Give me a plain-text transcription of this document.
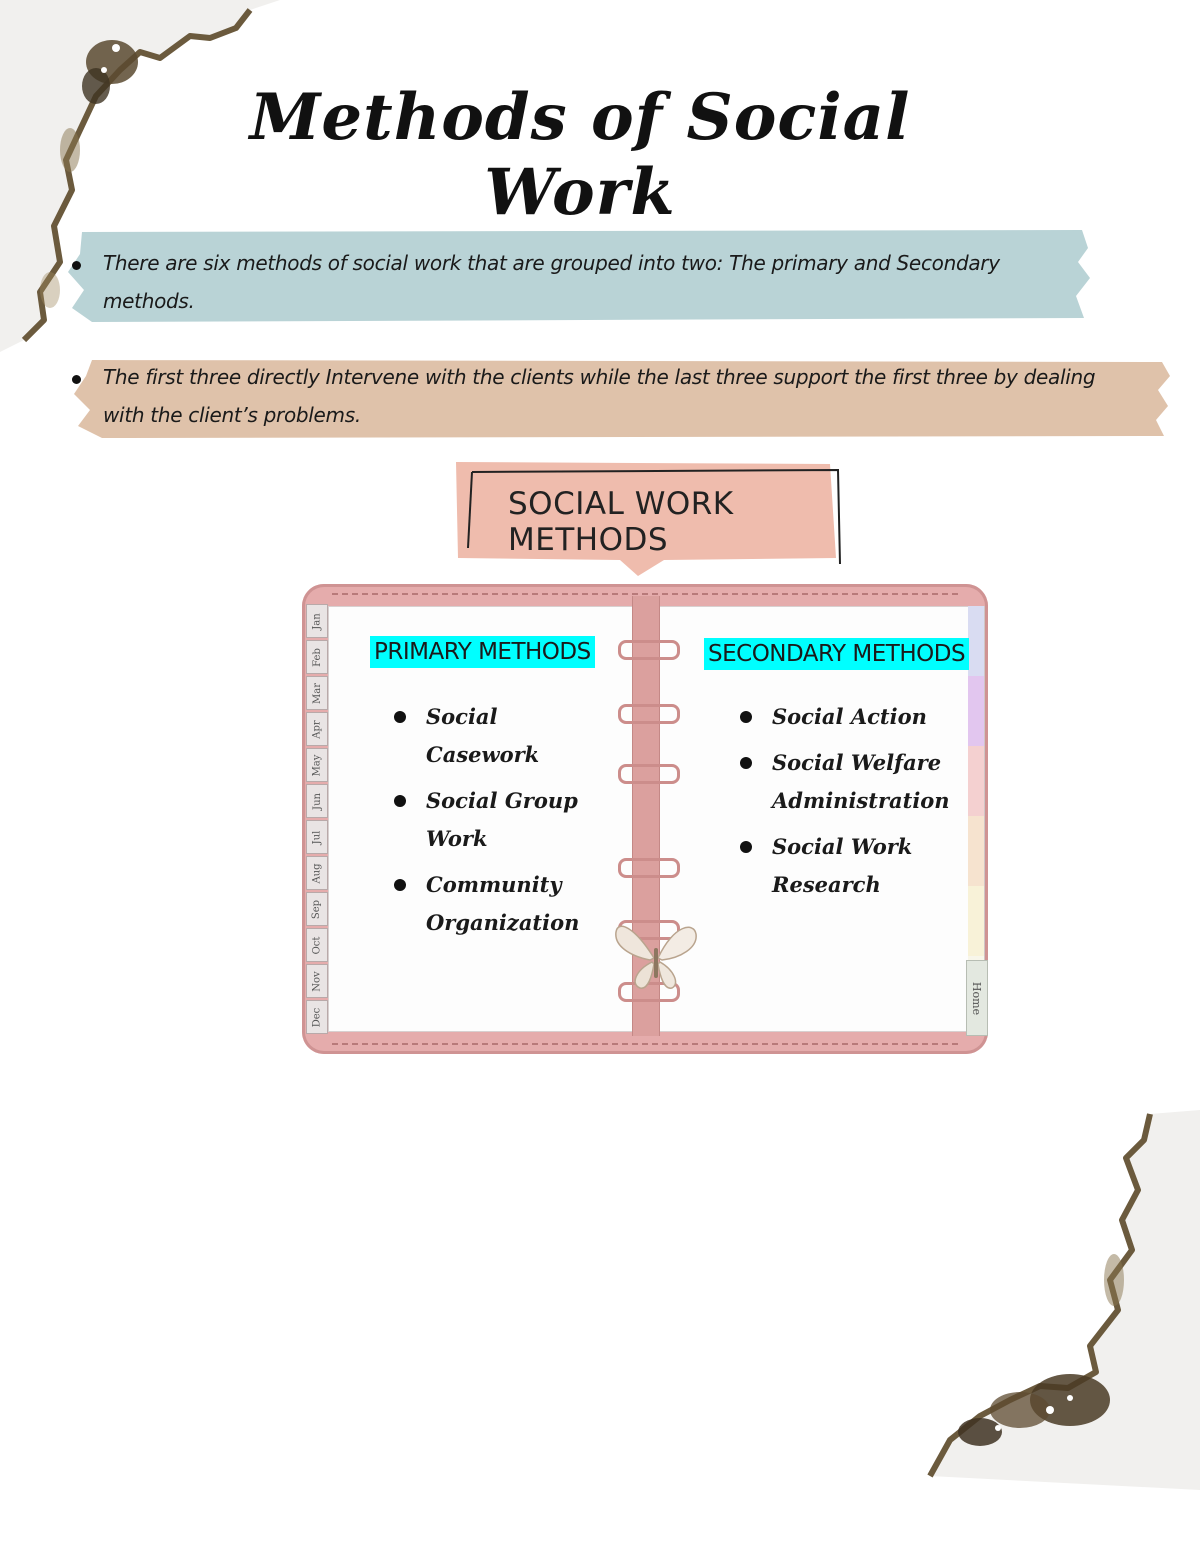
Methods of Social Work
There are six methods of social work that are grouped into two: The primary and Secondary methods.
The first three directly Intervene with the clients while the last three support the first three by dealing with the client’s problems.
SOCIAL WORK METHODS
Jan
Feb
Mar
Apr
May
Jun
Jul
Aug
Sep
Oct
Nov
Dec
Home
PRIMARY METHODS	SECONDARY METHODS
Social Casework
Social Group Work
Community Organization
Social Action
Social Welfare Administration
Social Work Research
